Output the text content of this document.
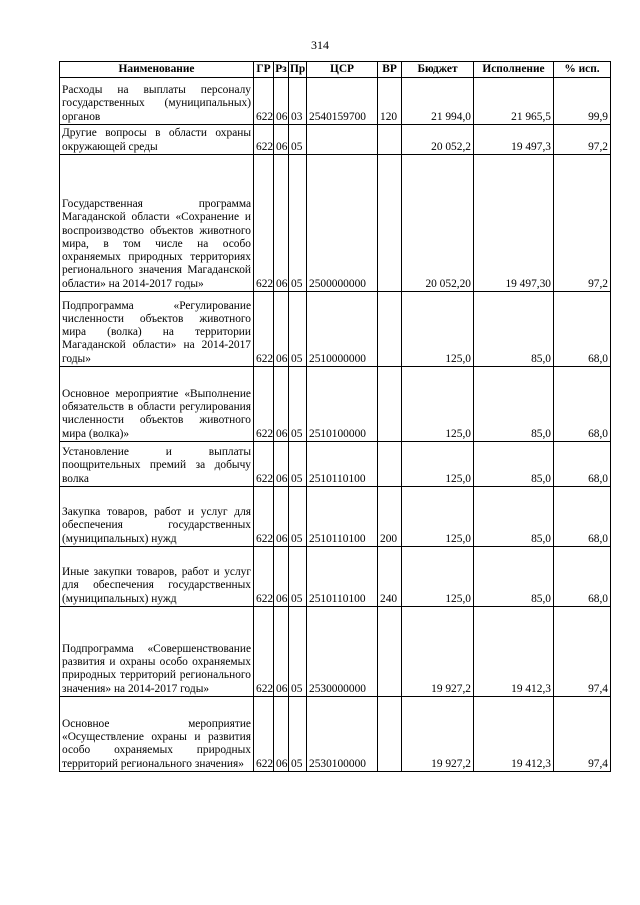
314
Наименование	ГР	Рз	Пр	ЦСР	ВР	Бюджет	Исполнение	% исп.
Расходы на выплаты персоналу государственных (муниципальных) органов	622	06	03	2540159700	120	21 994,0	21 965,5	99,9
Другие вопросы в области охраны окружающей среды	622	06	05			20 052,2	19 497,3	97,2
Государственная программа Магаданской области «Сохранение и воспроизводство объектов животного мира, в том числе на особо охраняемых природных территориях регионального значения Магаданской области» на 2014-2017 годы»	622	06	05	2500000000		20 052,20	19 497,30	97,2
Подпрограмма «Регулирование численности объектов животного мира (волка) на территории Магаданской области» на 2014-2017 годы»	622	06	05	2510000000		125,0	85,0	68,0
Основное мероприятие «Выполнение обязательств в области регулирования численности объектов животного мира (волка)»	622	06	05	2510100000		125,0	85,0	68,0
Установление и выплаты поощрительных премий за добычу волка	622	06	05	2510110100		125,0	85,0	68,0
Закупка товаров, работ и услуг для обеспечения государственных (муниципальных) нужд	622	06	05	2510110100	200	125,0	85,0	68,0
Иные закупки товаров, работ и услуг для обеспечения государственных (муниципальных) нужд	622	06	05	2510110100	240	125,0	85,0	68,0
Подпрограмма «Совершенствование развития и охраны особо охраняемых природных территорий регионального значения» на 2014-2017 годы»	622	06	05	2530000000		19 927,2	19 412,3	97,4
Основное мероприятие «Осуществление охраны и развития особо охраняемых природных территорий регионального значения»	622	06	05	2530100000		19 927,2	19 412,3	97,4
